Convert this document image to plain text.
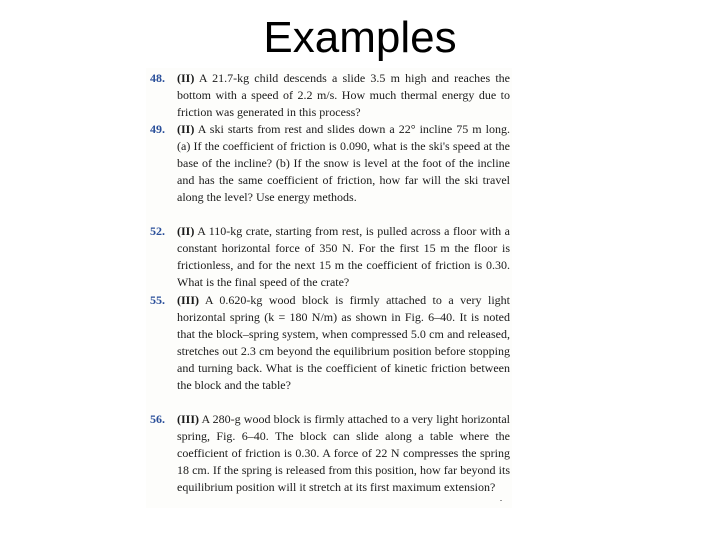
Examples
48.	(II) A 21.7-kg child descends a slide 3.5 m high and reaches the bottom with a speed of 2.2 m/s. How much thermal energy due to friction was generated in this process?
49.	(II) A ski starts from rest and slides down a 22° incline 75 m long. (a) If the coefficient of friction is 0.090, what is the ski's speed at the base of the incline? (b) If the snow is level at the foot of the incline and has the same coefficient of friction, how far will the ski travel along the level? Use energy methods.
52.	(II) A 110-kg crate, starting from rest, is pulled across a floor with a constant horizontal force of 350 N. For the first 15 m the floor is frictionless, and for the next 15 m the coefficient of friction is 0.30. What is the final speed of the crate?
55.	(III) A 0.620-kg wood block is firmly attached to a very light horizontal spring (k = 180 N/m) as shown in Fig. 6–40. It is noted that the block–spring system, when compressed 5.0 cm and released, stretches out 2.3 cm beyond the equilibrium position before stopping and turning back. What is the coefficient of kinetic friction between the block and the table?
56.	(III) A 280-g wood block is firmly attached to a very light horizontal spring, Fig. 6–40. The block can slide along a table where the coefficient of friction is 0.30. A force of 22 N compresses the spring 18 cm. If the spring is released from this position, how far beyond its equilibrium position will it stretch at its first maximum extension?
